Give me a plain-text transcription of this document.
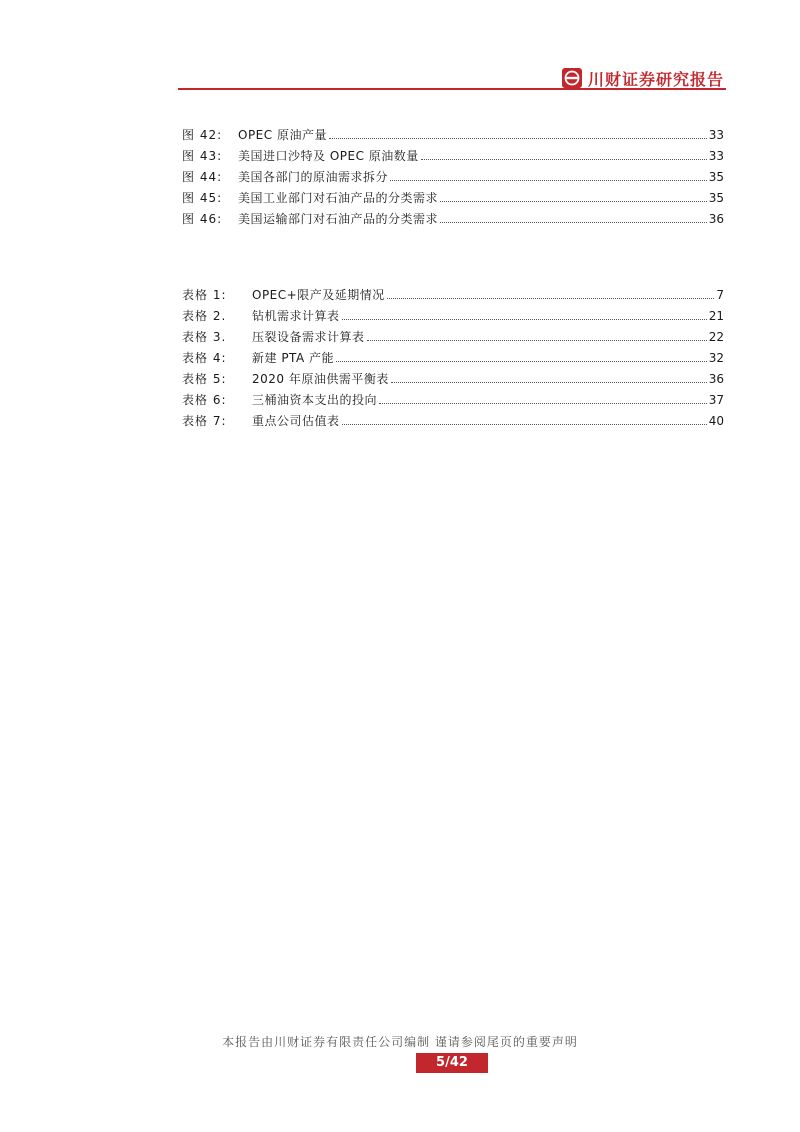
川财证券研究报告
图 42:	OPEC 原油产量	33
图 43:	美国进口沙特及 OPEC 原油数量	33
图 44:	美国各部门的原油需求拆分	35
图 45:	美国工业部门对石油产品的分类需求	35
图 46:	美国运输部门对石油产品的分类需求	36
表格 1:	OPEC+限产及延期情况	7
表格 2.	钻机需求计算表	21
表格 3.	压裂设备需求计算表	22
表格 4:	新建 PTA 产能	32
表格 5:	2020 年原油供需平衡表	36
表格 6:	三桶油资本支出的投向	37
表格 7:	重点公司估值表	40
本报告由川财证券有限责任公司编制 谨请参阅尾页的重要声明
5/42
